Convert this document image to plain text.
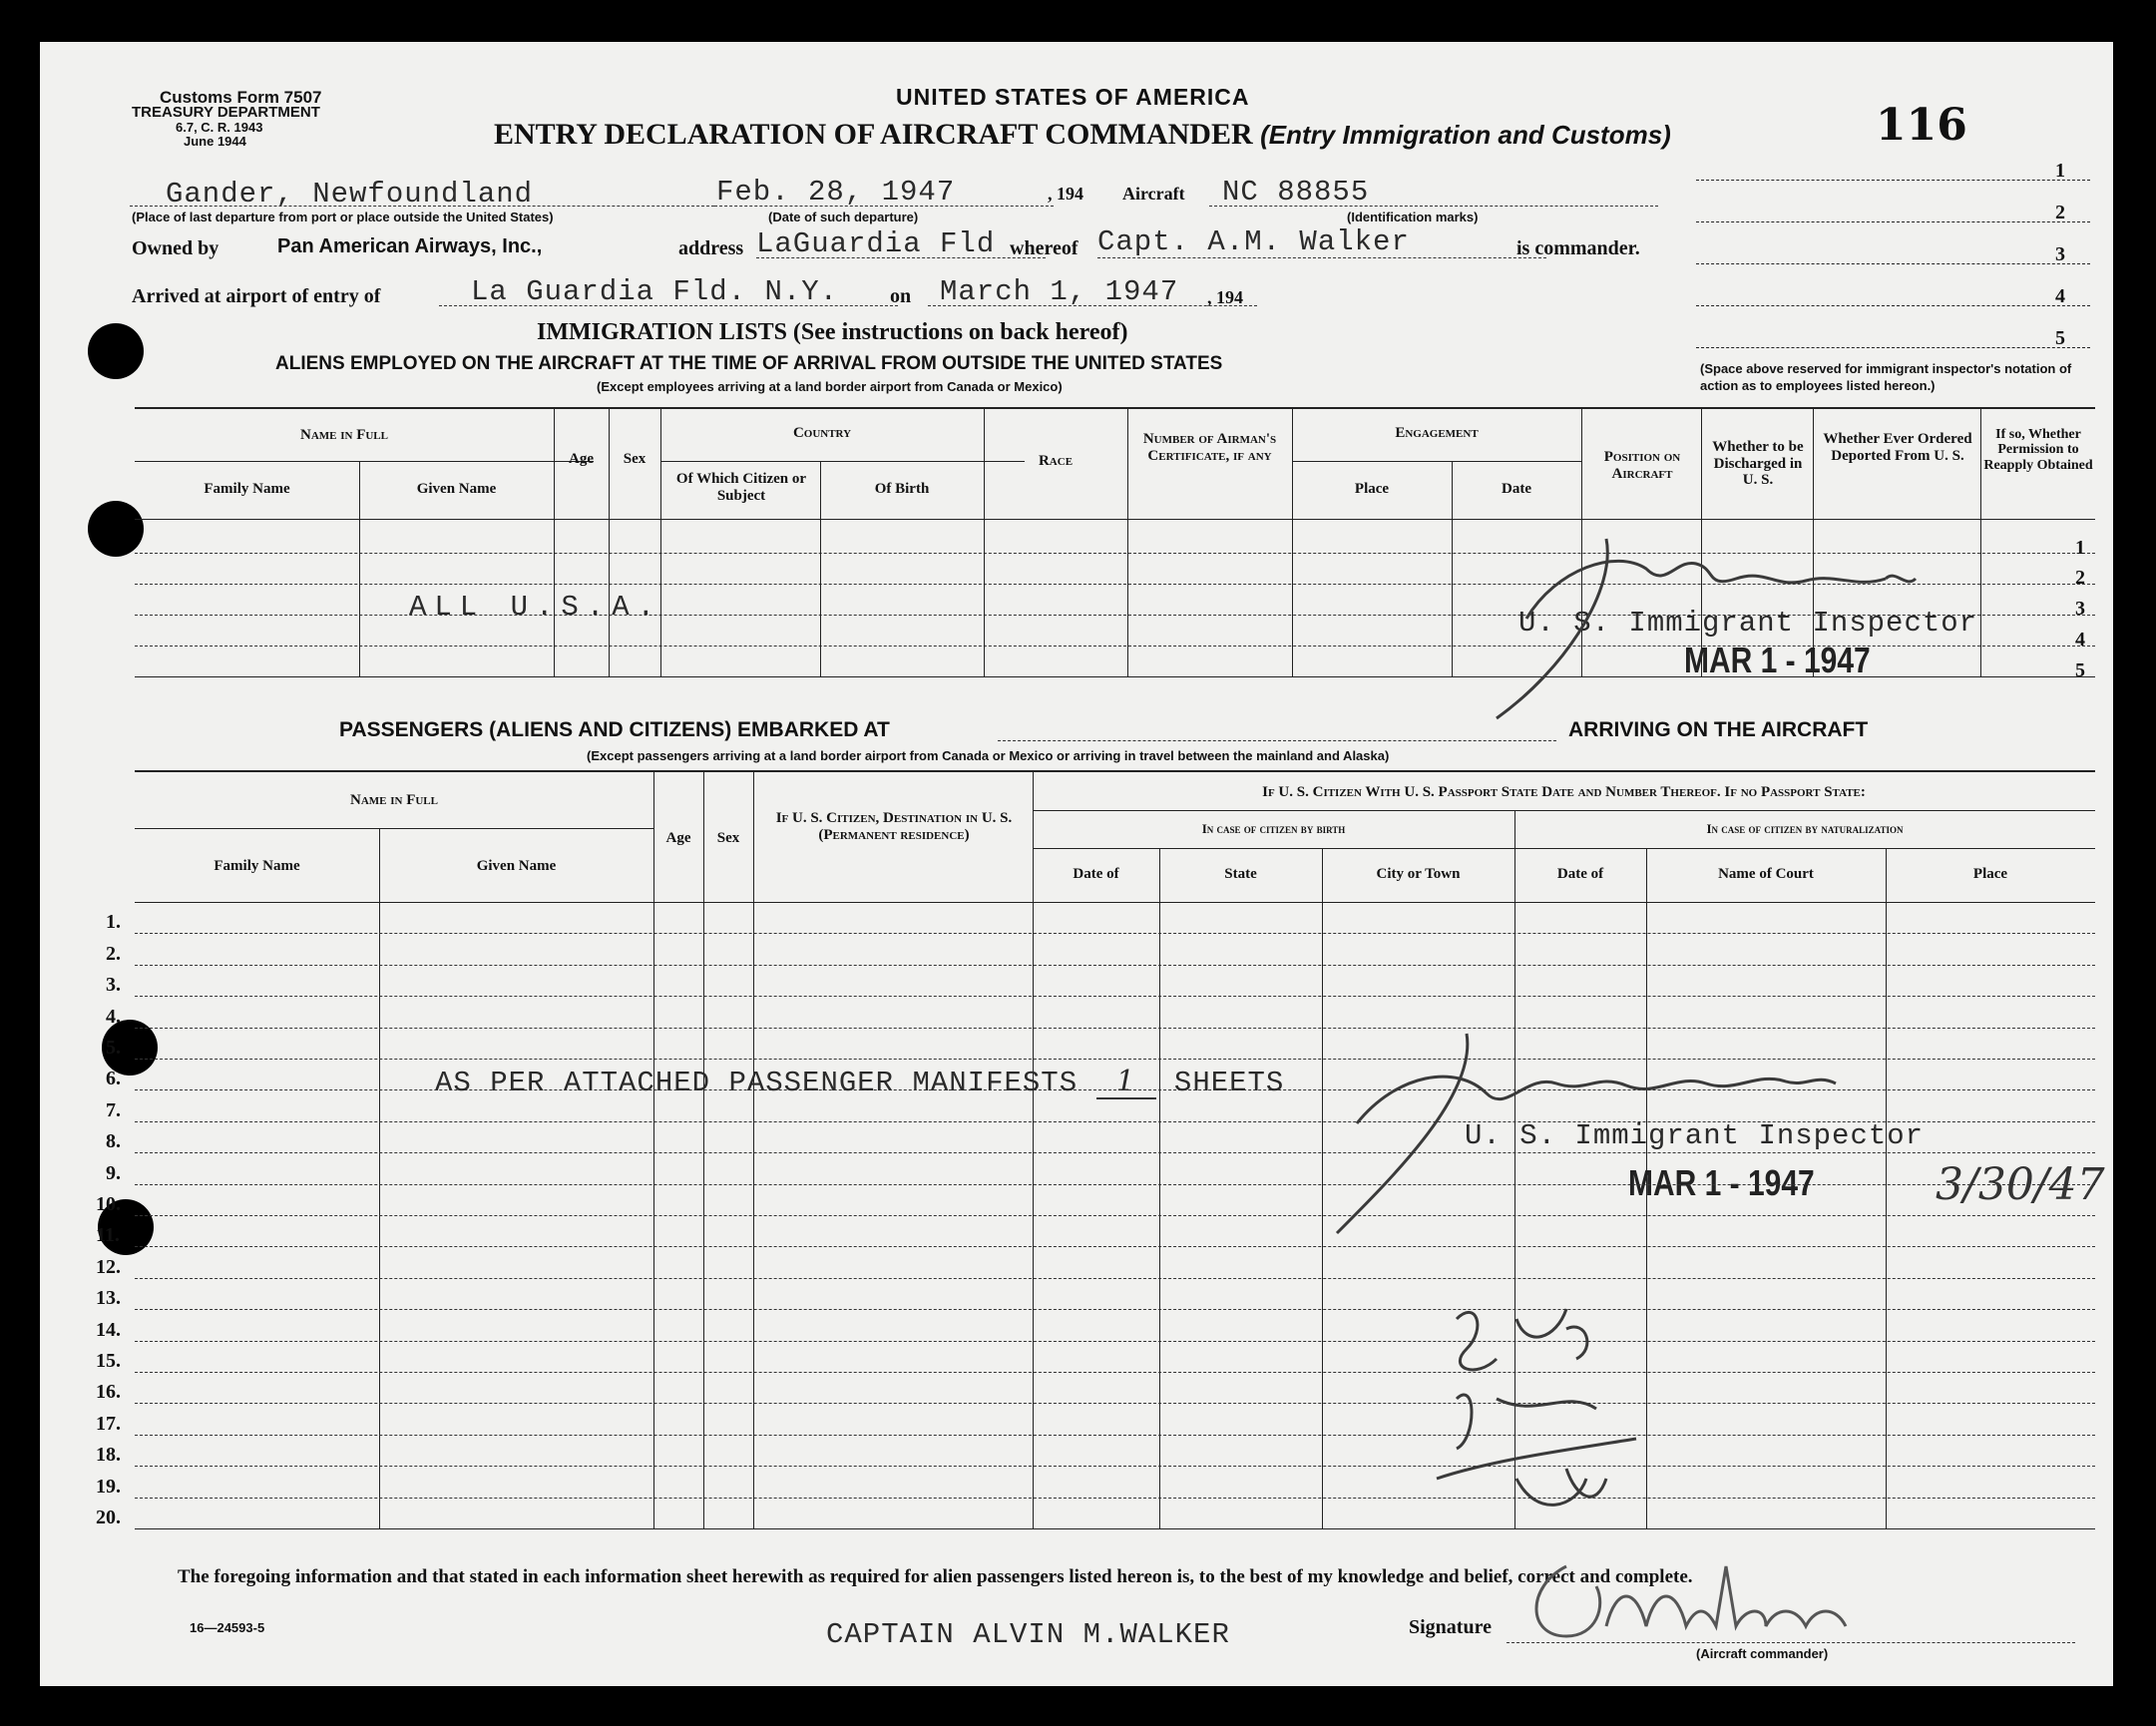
Customs Form 7507
TREASURY DEPARTMENT
6.7, C. R. 1943
June 1944
UNITED STATES OF AMERICA
ENTRY DECLARATION OF AIRCRAFT COMMANDER (Entry Immigration and Customs)	116
Gander, Newfoundland
(Place of last departure from port or place outside the United States)
Feb. 28, 1947
(Date of such departure)
, 194 Aircraft NC 88855
(Identification marks)
Owned by	Pan American Airways, Inc.,	address LaGuardia Fld whereof Capt. A.M. Walker	is commander.
Arrived at airport of entry of	La Guardia Fld. N.Y.	on March 1, 1947 , 194
1
2
3
4
5
(Space above reserved for immigrant inspector's notation of action as to employees listed hereon.)
IMMIGRATION LISTS (See instructions on back hereof)
ALIENS EMPLOYED ON THE AIRCRAFT AT THE TIME OF ARRIVAL FROM OUTSIDE THE UNITED STATES
(Except employees arriving at a land border airport from Canada or Mexico)
Name in Full
Family Name	Given Name
Age	Sex
Country
Of Which Citizen or Subject	Of Birth
Race
Number of Airman's Certificate, if any
Engagement
Place	Date
Position on Aircraft
Whether to be Discharged in U. S.
Whether Ever Ordered Deported From U. S.
If so, Whether Permission to Reapply Obtained
1
2
3
4
5
ALL U.S.A.	U. S. Immigrant Inspector
MAR 1 - 1947
PASSENGERS (ALIENS AND CITIZENS) EMBARKED AT	ARRIVING ON THE AIRCRAFT
(Except passengers arriving at a land border airport from Canada or Mexico or arriving in travel between the mainland and Alaska)
Name in Full
Family Name	Given Name
Age	Sex
If U. S. Citizen, Destination in U. S. (Permanent residence)
If U. S. Citizen With U. S. Passport State Date and Number Thereof. If no Passport State:
In case of citizen by birth	In case of citizen by naturalization
Date of	State	City or Town	Date of	Name of Court	Place
AS PER ATTACHED PASSENGER MANIFESTS 1 SHEETS
U. S. Immigrant Inspector
MAR 1 - 1947	3/30/47
The foregoing information and that stated in each information sheet herewith as required for alien passengers listed hereon is, to the best of my knowledge and belief, correct and complete.
16—24593-5	CAPTAIN ALVIN M.WALKER	Signature
(Aircraft commander)
1.
2.
3.
4.
5.
6.
7.
8.
9.
10.
11.
12.
13.
14.
15.
16.
17.
18.
19.
20.
